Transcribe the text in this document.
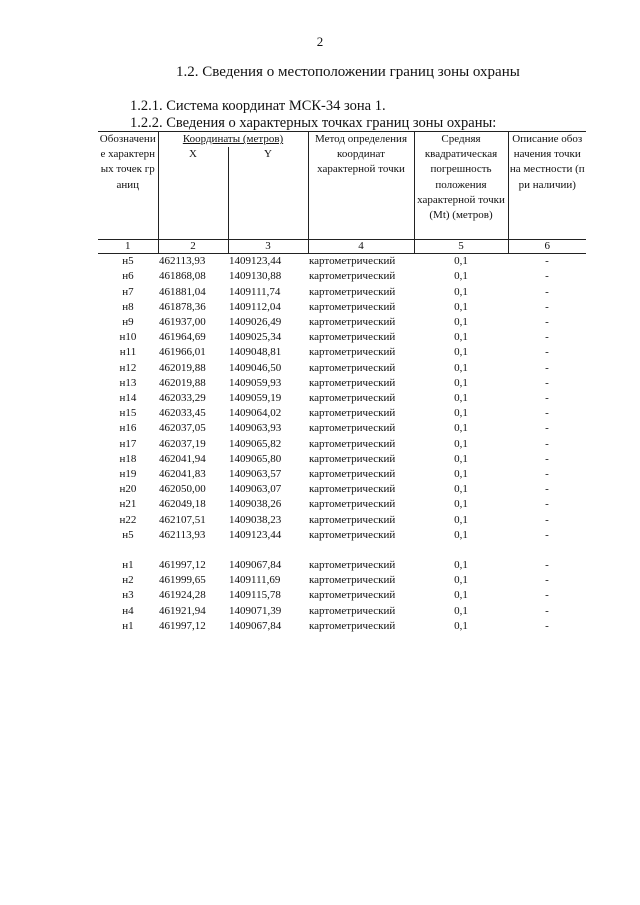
2
1.2. Сведения о местоположении границ зоны охраны
1.2.1. Система координат МСК-34 зона 1.
1.2.2. Сведения о характерных точках границ зоны охраны:
Обозначение характерных точек границ	Координаты (метров)		Метод определения координат характерной точки	Средняя квадратическая погрешность положения характерной точки (Mt) (метров)	Описание обозначения точки на местности (при наличии)
	X	Y			
1	2	3	4	5	6
н5	462113,93	1409123,44	картометрический	0,1	-
н6	461868,08	1409130,88	картометрический	0,1	-
н7	461881,04	1409111,74	картометрический	0,1	-
н8	461878,36	1409112,04	картометрический	0,1	-
н9	461937,00	1409026,49	картометрический	0,1	-
н10	461964,69	1409025,34	картометрический	0,1	-
н11	461966,01	1409048,81	картометрический	0,1	-
н12	462019,88	1409046,50	картометрический	0,1	-
н13	462019,88	1409059,93	картометрический	0,1	-
н14	462033,29	1409059,19	картометрический	0,1	-
н15	462033,45	1409064,02	картометрический	0,1	-
н16	462037,05	1409063,93	картометрический	0,1	-
н17	462037,19	1409065,82	картометрический	0,1	-
н18	462041,94	1409065,80	картометрический	0,1	-
н19	462041,83	1409063,57	картометрический	0,1	-
н20	462050,00	1409063,07	картометрический	0,1	-
н21	462049,18	1409038,26	картометрический	0,1	-
н22	462107,51	1409038,23	картометрический	0,1	-
н5	462113,93	1409123,44	картометрический	0,1	-

н1	461997,12	1409067,84	картометрический	0,1	-
н2	461999,65	1409111,69	картометрический	0,1	-
н3	461924,28	1409115,78	картометрический	0,1	-
н4	461921,94	1409071,39	картометрический	0,1	-
н1	461997,12	1409067,84	картометрический	0,1	-
